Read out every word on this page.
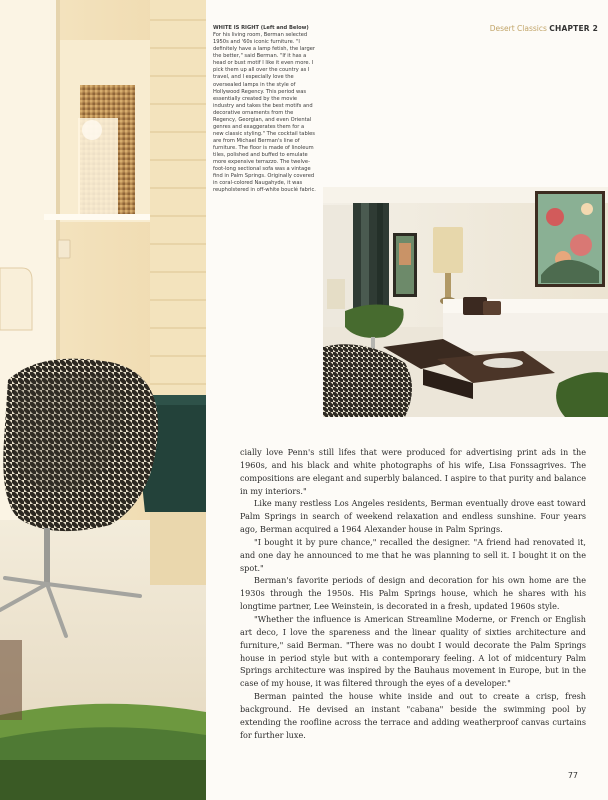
Desert Classics CHAPTER 2
WHITE IS RIGHT (Left and Below) For his living room, Berman selected 1950s and '60s iconic furniture. "I definitely have a lamp fetish, the larger the better," said Berman. "If it has a head or bust motif I like it even more. I pick them up all over the country as I travel, and I especially love the oversealed lamps in the style of Hollywood Regency. This period was essentially created by the movie industry and takes the best motifs and decorative ornaments from the Regency, Georgian, and even Oriental genres and exaggerates them for a new classic styling." The cocktail tables are from Michael Berman's line of furniture. The floor is made of linoleum tiles, polished and buffed to emulate more expensive terrazzo. The twelve-foot-long sectional sofa was a vintage find in Palm Springs. Originally covered in coral-colored Naugahyde, it was reupholstered in off-white bouclé fabric.

cially love Penn's still lifes that were produced for advertising print ads in the 1960s, and his black and white photographs of his wife, Lisa Fonssagrives. The compositions are elegant and superbly balanced. I aspire to that purity and balance in my interiors."

Like many restless Los Angeles residents, Berman eventually drove east toward Palm Springs in search of weekend relaxation and endless sunshine. Four years ago, Berman acquired a 1964 Alexander house in Palm Springs.

"I bought it by pure chance," recalled the designer. "A friend had renovated it, and one day he announced to me that he was planning to sell it. I bought it on the spot."

Berman's favorite periods of design and decoration for his own home are the 1930s through the 1950s. His Palm Springs house, which he shares with his longtime partner, Lee Weinstein, is decorated in a fresh, updated 1960s style.

"Whether the influence is American Streamline Moderne, or French or English art deco, I love the spareness and the linear quality of sixties architecture and furniture," said Berman. "There was no doubt I would decorate the Palm Springs house in period style but with a contemporary feeling. A lot of midcentury Palm Springs architecture was inspired by the Bauhaus movement in Europe, but in the case of my house, it was filtered through the eyes of a developer."

Berman painted the house white inside and out to create a crisp, fresh background. He devised an instant "cabana" beside the swimming pool by extending the roofline across the terrace and adding weatherproof canvas curtains for further luxe.

77
